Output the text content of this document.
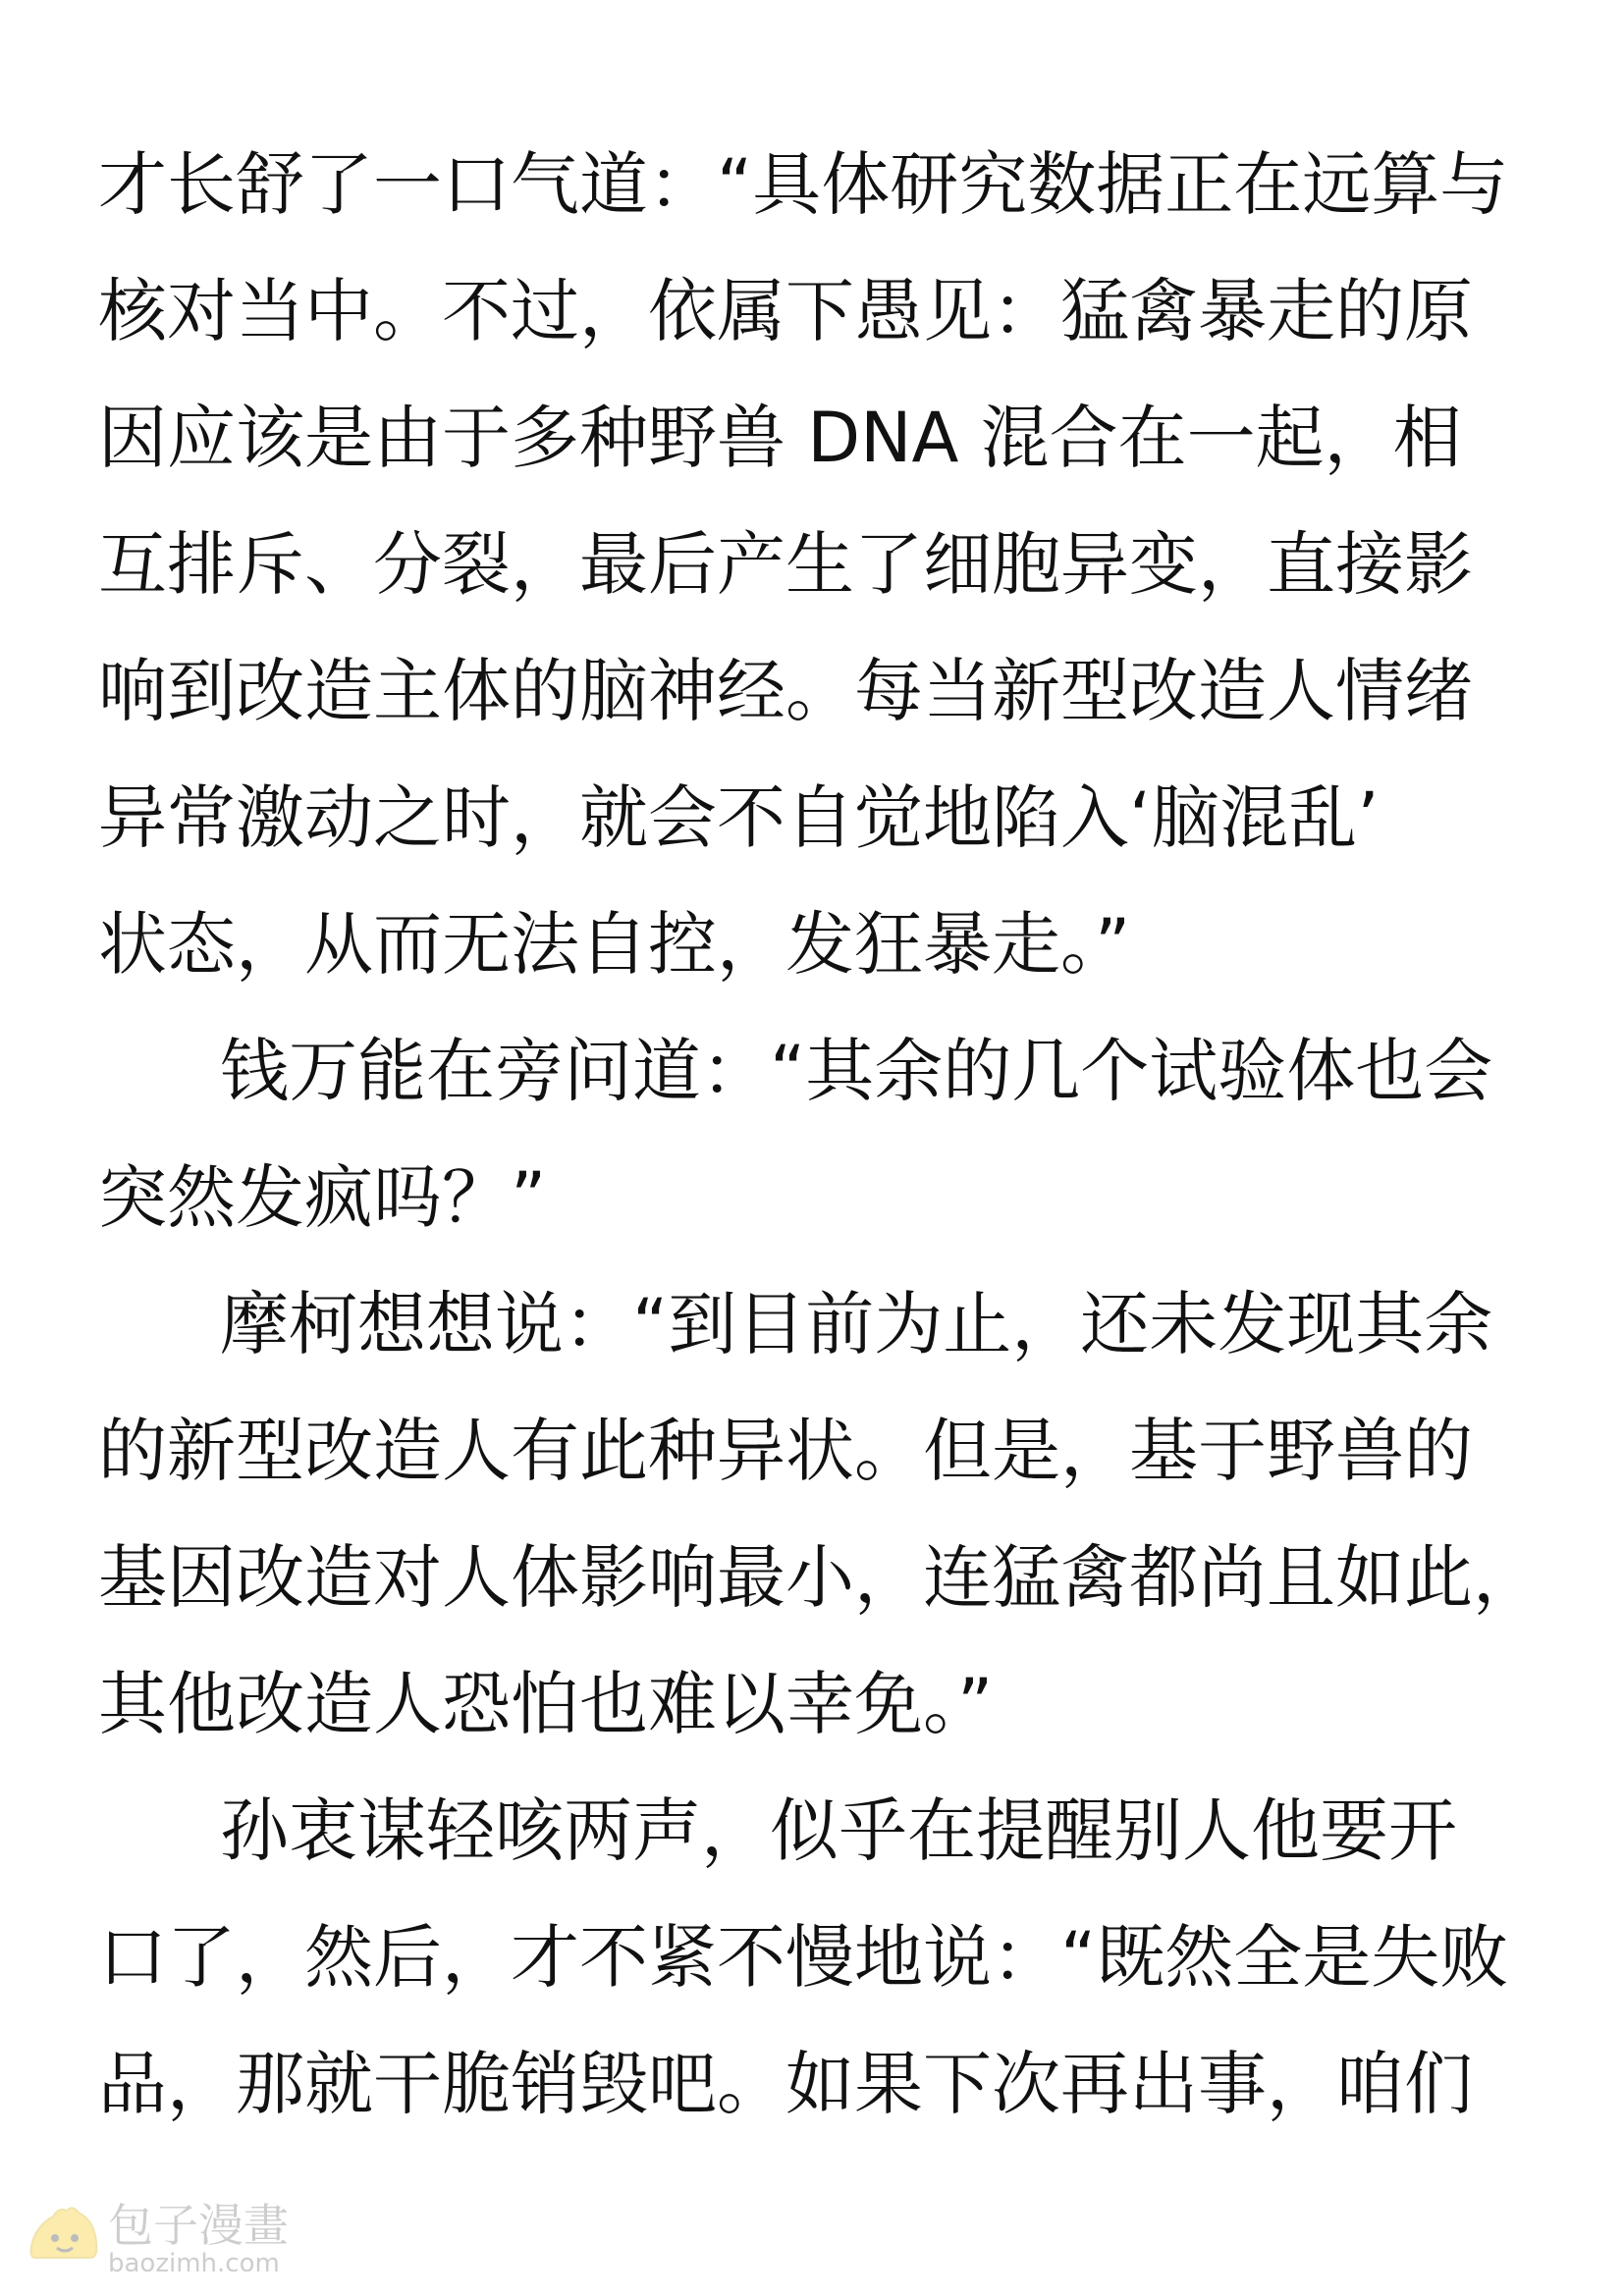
才长舒了一口气道：“具体研究数据正在远算与
核对当中。不过，依属下愚见：猛禽暴走的原
因应该是由于多种野兽 DNA 混合在一起，相
互排斥、分裂，最后产生了细胞异变，直接影
响到改造主体的脑神经。每当新型改造人情绪
异常激动之时，就会不自觉地陷入‘脑混乱’
状态，从而无法自控，发狂暴走。”
钱万能在旁问道：“其余的几个试验体也会
突然发疯吗？”
摩柯想想说：“到目前为止，还未发现其余
的新型改造人有此种异状。但是，基于野兽的
基因改造对人体影响最小，连猛禽都尚且如此，
其他改造人恐怕也难以幸免。”
孙衷谋轻咳两声，似乎在提醒别人他要开
口了，然后，才不紧不慢地说：“既然全是失败
品，那就干脆销毁吧。如果下次再出事，咱们
包子漫畫
baozimh.com
